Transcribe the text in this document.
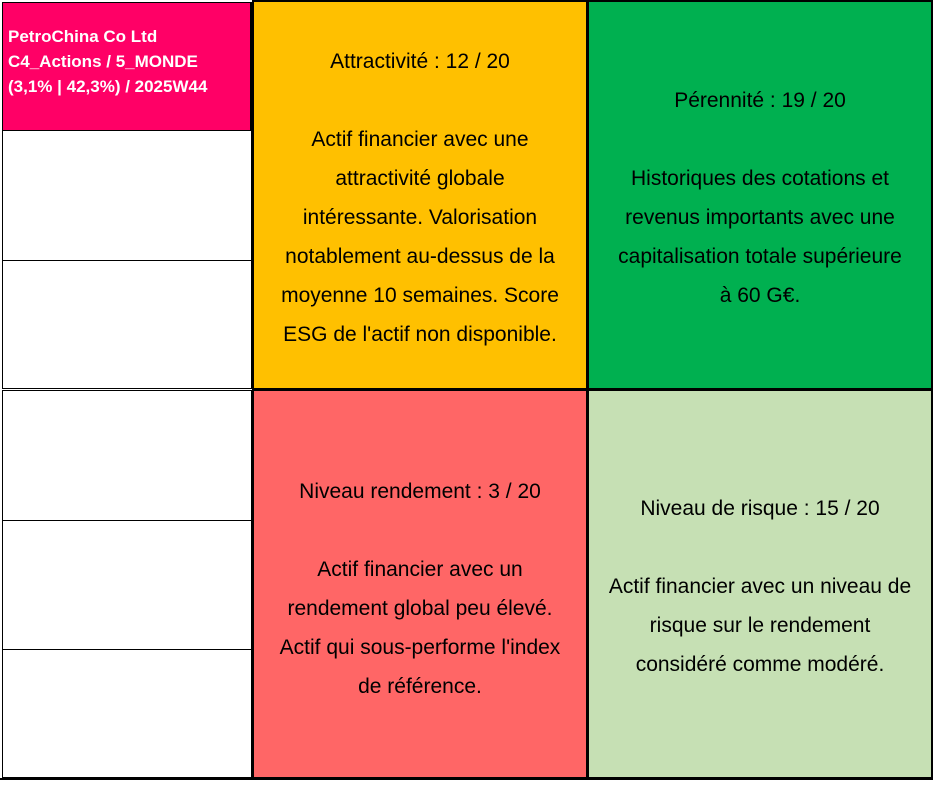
PetroChina Co Ltd
C4_Actions / 5_MONDE
(3,1% | 42,3%) / 2025W44
Attractivité : 12 / 20
Actif financier avec une
attractivité globale
intéressante. Valorisation
notablement au-dessus de la
moyenne 10 semaines. Score
ESG de l'actif non disponible.
Pérennité : 19 / 20
Historiques des cotations et
revenus importants avec une
capitalisation totale supérieure
à 60 G€.
Niveau rendement : 3 / 20
Actif financier avec un
rendement global peu élevé.
Actif qui sous-performe l'index
de référence.
Niveau de risque : 15 / 20
Actif financier avec un niveau de
risque sur le rendement
considéré comme modéré.
